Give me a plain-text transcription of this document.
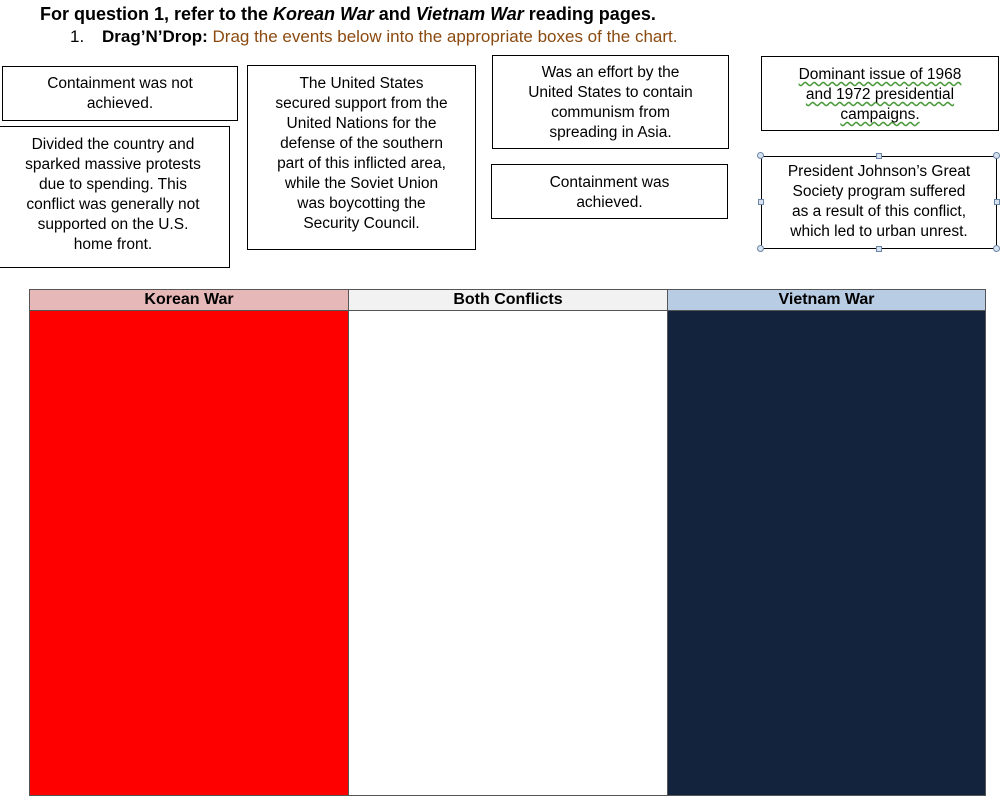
For question 1, refer to the Korean War and Vietnam War reading pages.
1. Drag’N’Drop: Drag the events below into the appropriate boxes of the chart.
Containment was not
achieved.
The United States
secured support from the
United Nations for the
defense of the southern
part of this inflicted area,
while the Soviet Union
was boycotting the
Security Council.
Was an effort by the
United States to contain
communism from
spreading in Asia.
Dominant issue of 1968
and 1972 presidential
campaigns.
Divided the country and
sparked massive protests
due to spending. This
conflict was generally not
supported on the U.S.
home front.
Containment was
achieved.
President Johnson’s Great
Society program suffered
as a result of this conflict,
which led to urban unrest.
Korean War	Both Conflicts	Vietnam War
